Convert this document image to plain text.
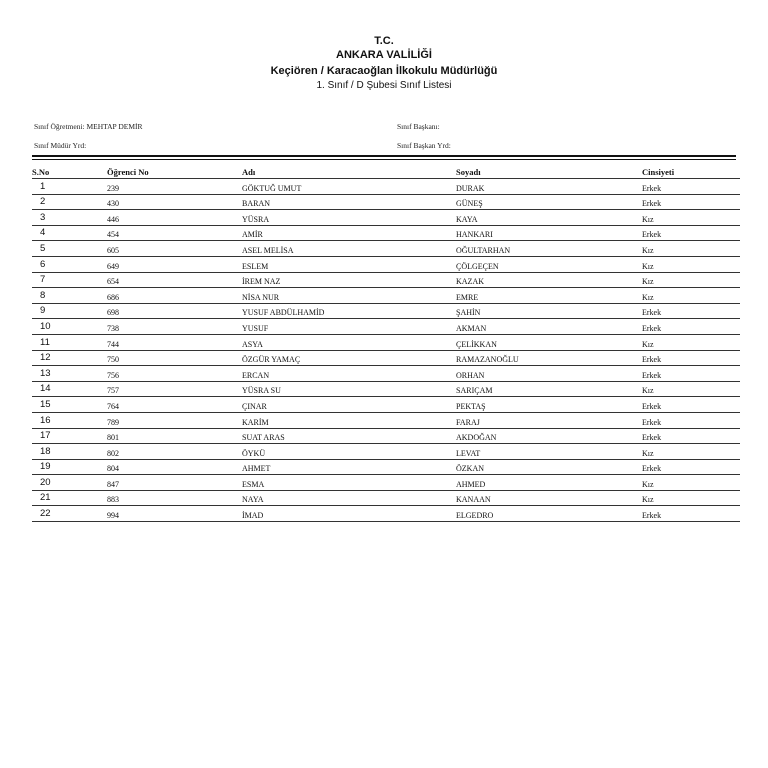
T.C.
ANKARA VALİLİĞİ
Keçiören / Karacaoğlan İlkokulu Müdürlüğü
1. Sınıf / D Şubesi Sınıf Listesi
Sınıf Öğretmeni: MEHTAP DEMİR
Sınıf Müdür Yrd:
Sınıf Başkanı:
Sınıf Başkan Yrd:
S.No	Öğrenci No	Adı	Soyadı	Cinsiyeti
1	239	GÖKTUĞ UMUT	DURAK	Erkek
2	430	BARAN	GÜNEŞ	Erkek
3	446	YÜSRA	KAYA	Kız
4	454	AMİR	HANKARI	Erkek
5	605	ASEL MELİSA	OĞULTARHAN	Kız
6	649	ESLEM	ÇÖLGEÇEN	Kız
7	654	İREM NAZ	KAZAK	Kız
8	686	NİSA NUR	EMRE	Kız
9	698	YUSUF ABDÜLHAMİD	ŞAHİN	Erkek
10	738	YUSUF	AKMAN	Erkek
11	744	ASYA	ÇELİKKAN	Kız
12	750	ÖZGÜR YAMAÇ	RAMAZANOĞLU	Erkek
13	756	ERCAN	ORHAN	Erkek
14	757	YÜSRA SU	SARIÇAM	Kız
15	764	ÇINAR	PEKTAŞ	Erkek
16	789	KARİM	FARAJ	Erkek
17	801	SUAT ARAS	AKDOĞAN	Erkek
18	802	ÖYKÜ	LEVAT	Kız
19	804	AHMET	ÖZKAN	Erkek
20	847	ESMA	AHMED	Kız
21	883	NAYA	KANAAN	Kız
22	994	İMAD	ELGEDRO	Erkek
